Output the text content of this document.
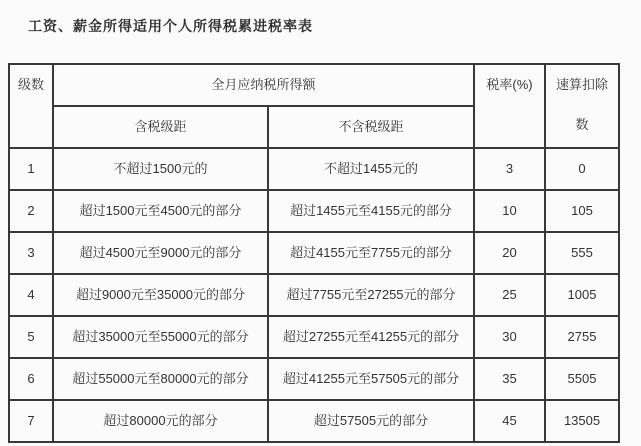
工资、薪金所得适用个人所得税累进税率表
级数	全月应纳税所得额		税率(%)	速算扣除数
	含税级距	不含税级距		
1	不超过1500元的	不超过1455元的	3	0
2	超过1500元至4500元的部分	超过1455元至4155元的部分	10	105
3	超过4500元至9000元的部分	超过4155元至7755元的部分	20	555
4	超过9000元至35000元的部分	超过7755元至27255元的部分	25	1005
5	超过35000元至55000元的部分	超过27255元至41255元的部分	30	2755
6	超过55000元至80000元的部分	超过41255元至57505元的部分	35	5505
7	超过80000元的部分	超过57505元的部分	45	13505
